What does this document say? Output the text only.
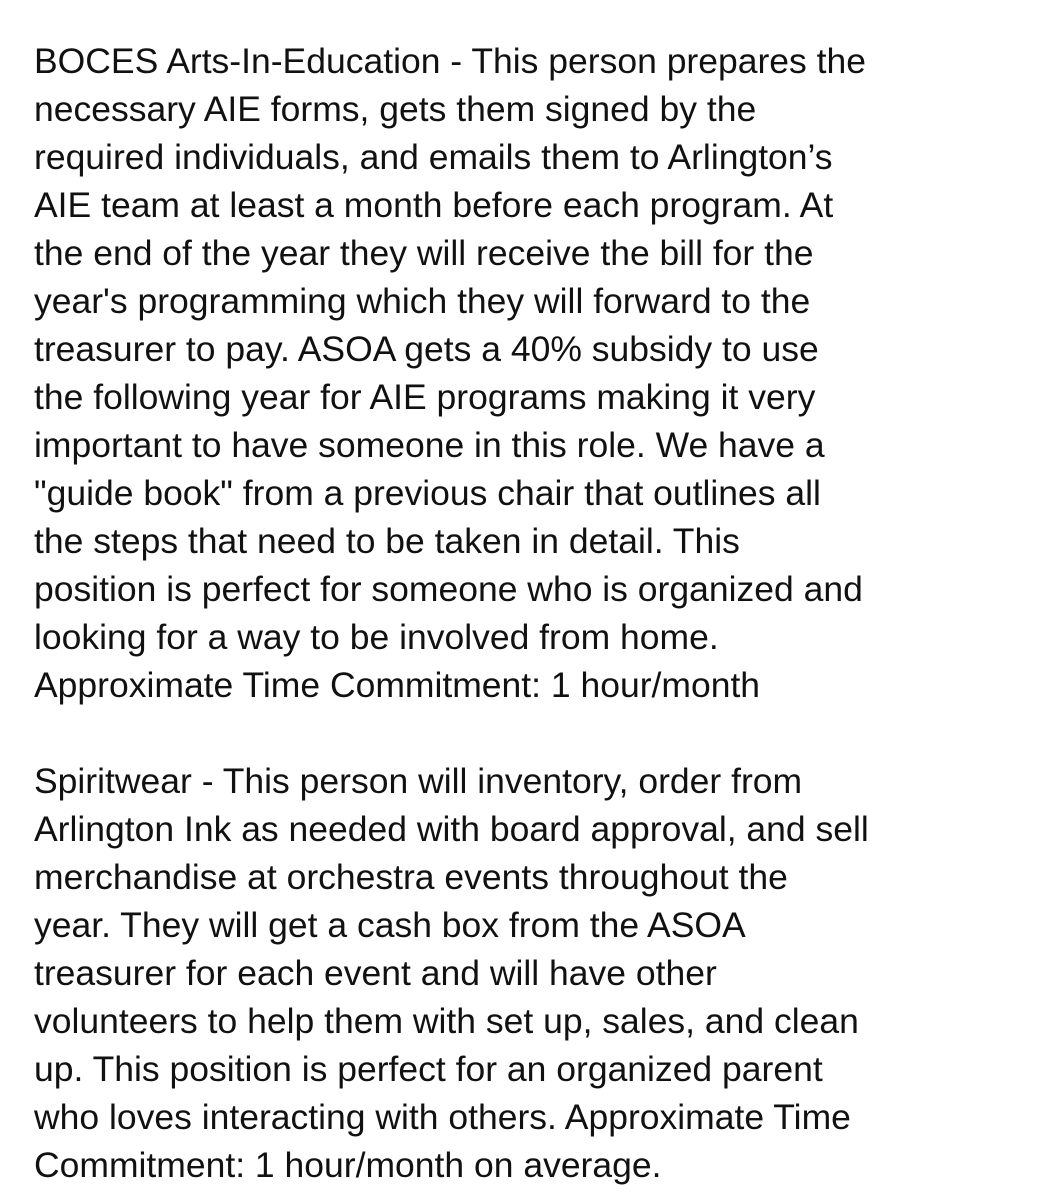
BOCES Arts-In-Education - This person prepares the
necessary AIE forms, gets them signed by the
required individuals, and emails them to Arlington’s
AIE team at least a month before each program. At
the end of the year they will receive the bill for the
year's programming which they will forward to the
treasurer to pay. ASOA gets a 40% subsidy to use
the following year for AIE programs making it very
important to have someone in this role. We have a
"guide book" from a previous chair that outlines all
the steps that need to be taken in detail. This
position is perfect for someone who is organized and
looking for a way to be involved from home.
Approximate Time Commitment: 1 hour/month

Spiritwear - This person will inventory, order from
Arlington Ink as needed with board approval, and sell
merchandise at orchestra events throughout the
year. They will get a cash box from the ASOA
treasurer for each event and will have other
volunteers to help them with set up, sales, and clean
up. This position is perfect for an organized parent
who loves interacting with others. Approximate Time
Commitment: 1 hour/month on average.
